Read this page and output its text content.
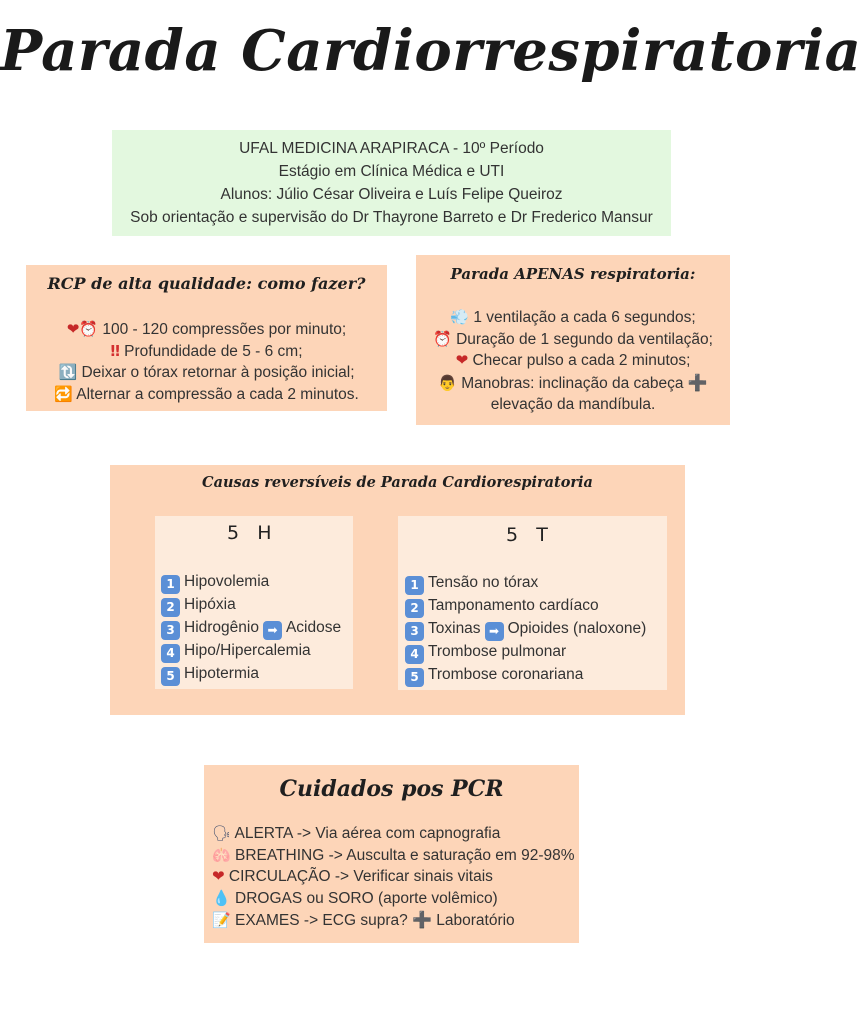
Parada Cardiorrespiratoria
UFAL MEDICINA ARAPIRACA - 10º Período
Estágio em Clínica Médica e UTI
Alunos: Júlio César Oliveira e Luís Felipe Queiroz
Sob orientação e supervisão do Dr Thayrone Barreto e Dr Frederico Mansur
RCP de alta qualidade: como fazer?
❤⏰ 100 - 120 compressões por minuto;
‼ Profundidade de 5 - 6 cm;
🔃 Deixar o tórax retornar à posição inicial;
🔁 Alternar a compressão a cada 2 minutos.
Parada APENAS respiratoria:
💨 1 ventilação a cada 6 segundos;
⏰ Duração de 1 segundo da ventilação;
❤ Checar pulso a cada 2 minutos;
👨 Manobras: inclinação da cabeça ➕
elevação da mandíbula.
Causas reversíveis de Parada Cardiorespiratoria
5   H
1 Hipovolemia
2 Hipóxia
3 Hidrogênio ➡ Acidose
4 Hipo/Hipercalemia
5 Hipotermia
5   T
1 Tensão no tórax
2 Tamponamento cardíaco
3 Toxinas ➡ Opioides (naloxone)
4 Trombose pulmonar
5 Trombose coronariana
Cuidados pos PCR
🗣 ALERTA -> Via aérea com capnografia
🫁 BREATHING -> Ausculta e saturação em 92-98%
❤ CIRCULAÇÃO -> Verificar sinais vitais
💧 DROGAS ou SORO (aporte volêmico)
📝 EXAMES -> ECG supra? ➕ Laboratório
